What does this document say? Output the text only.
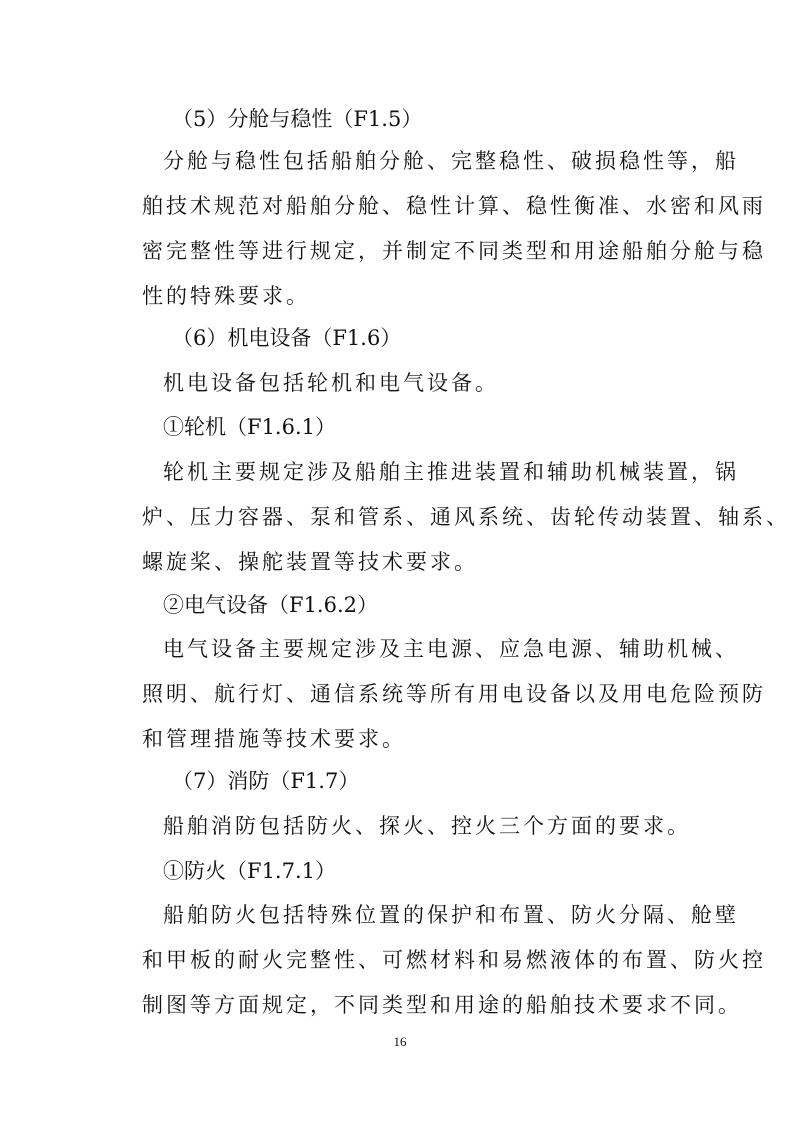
（5）分舱与稳性（F1.5）
分舱与稳性包括船舶分舱、完整稳性、破损稳性等，船
舶技术规范对船舶分舱、稳性计算、稳性衡准、水密和风雨
密完整性等进行规定，并制定不同类型和用途船舶分舱与稳
性的特殊要求。
（6）机电设备（F1.6）
机电设备包括轮机和电气设备。
①轮机（F1.6.1）
轮机主要规定涉及船舶主推进装置和辅助机械装置，锅
炉、压力容器、泵和管系、通风系统、齿轮传动装置、轴系、
螺旋桨、操舵装置等技术要求。
②电气设备（F1.6.2）
电气设备主要规定涉及主电源、应急电源、辅助机械、
照明、航行灯、通信系统等所有用电设备以及用电危险预防
和管理措施等技术要求。
（7）消防（F1.7）
船舶消防包括防火、探火、控火三个方面的要求。
①防火（F1.7.1）
船舶防火包括特殊位置的保护和布置、防火分隔、舱壁
和甲板的耐火完整性、可燃材料和易燃液体的布置、防火控
制图等方面规定，不同类型和用途的船舶技术要求不同。
16
